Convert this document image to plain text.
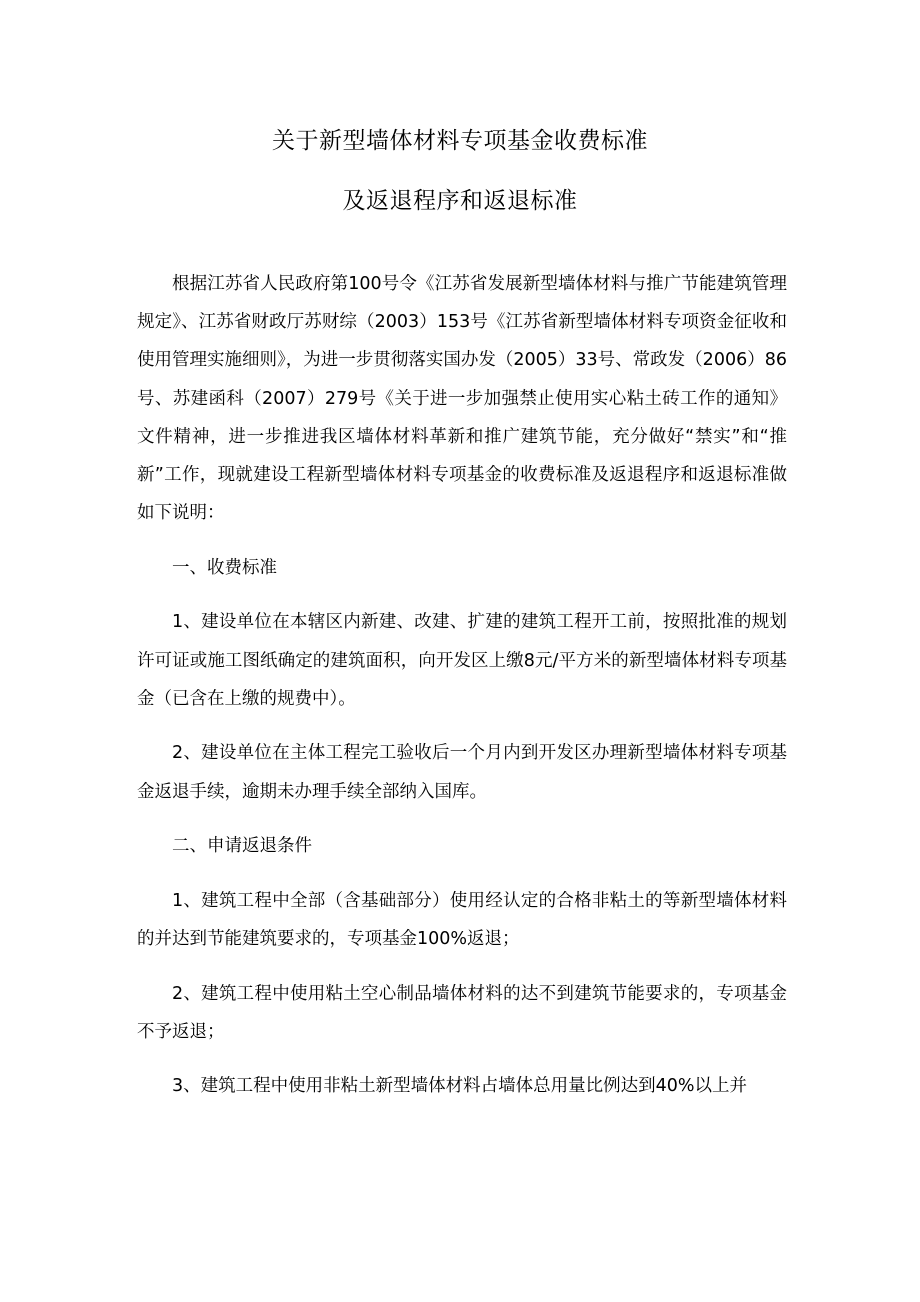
关于新型墙体材料专项基金收费标准
及返退程序和返退标准

根据江苏省人民政府第100号令《江苏省发展新型墙体材料与推广节能建筑管理规定》、江苏省财政厅苏财综（2003）153号《江苏省新型墙体材料专项资金征收和使用管理实施细则》，为进一步贯彻落实国办发（2005）33号、常政发（2006）86号、苏建函科（2007）279号《关于进一步加强禁止使用实心粘土砖工作的通知》文件精神，进一步推进我区墙体材料革新和推广建筑节能，充分做好“禁实”和“推新”工作，现就建设工程新型墙体材料专项基金的收费标准及返退程序和返退标准做如下说明：

一、收费标准

1、建设单位在本辖区内新建、改建、扩建的建筑工程开工前，按照批准的规划许可证或施工图纸确定的建筑面积，向开发区上缴8元/平方米的新型墙体材料专项基金（已含在上缴的规费中）。

2、建设单位在主体工程完工验收后一个月内到开发区办理新型墙体材料专项基金返退手续，逾期未办理手续全部纳入国库。

二、申请返退条件

1、建筑工程中全部（含基础部分）使用经认定的合格非粘土的等新型墙体材料的并达到节能建筑要求的，专项基金100%返退；

2、建筑工程中使用粘土空心制品墙体材料的达不到建筑节能要求的，专项基金不予返退；

3、建筑工程中使用非粘土新型墙体材料占墙体总用量比例达到40%以上并
